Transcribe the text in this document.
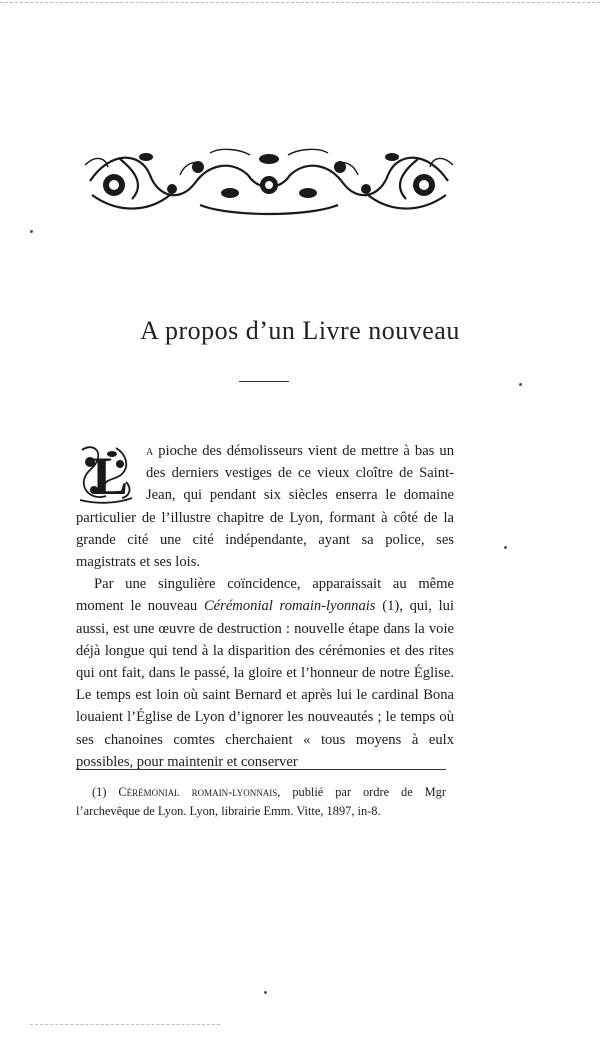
A propos d’un Livre nouveau

L a pioche des démolisseurs vient de mettre à bas un des derniers vestiges de ce vieux cloître de Saint-Jean, qui pendant six siècles enserra le domaine particulier de l’illustre chapitre de Lyon, formant à côté de la grande cité une cité indépendante, ayant sa police, ses magistrats et ses lois.

Par une singulière coïncidence, apparaissait au même moment le nouveau Cérémonial romain-lyonnais (1), qui, lui aussi, est une œuvre de destruction : nouvelle étape dans la voie déjà longue qui tend à la disparition des cérémonies et des rites qui ont fait, dans le passé, la gloire et l’honneur de notre Église. Le temps est loin où saint Bernard et après lui le cardinal Bona louaient l’Église de Lyon d’ignorer les nouveautés ; le temps où ses chanoines comtes cherchaient « tous moyens à eulx possibles, pour maintenir et conserver

(1) Cérémonial romain-lyonnais, publié par ordre de Mgr l’archevêque de Lyon. Lyon, librairie Emm. Vitte, 1897, in-8.
